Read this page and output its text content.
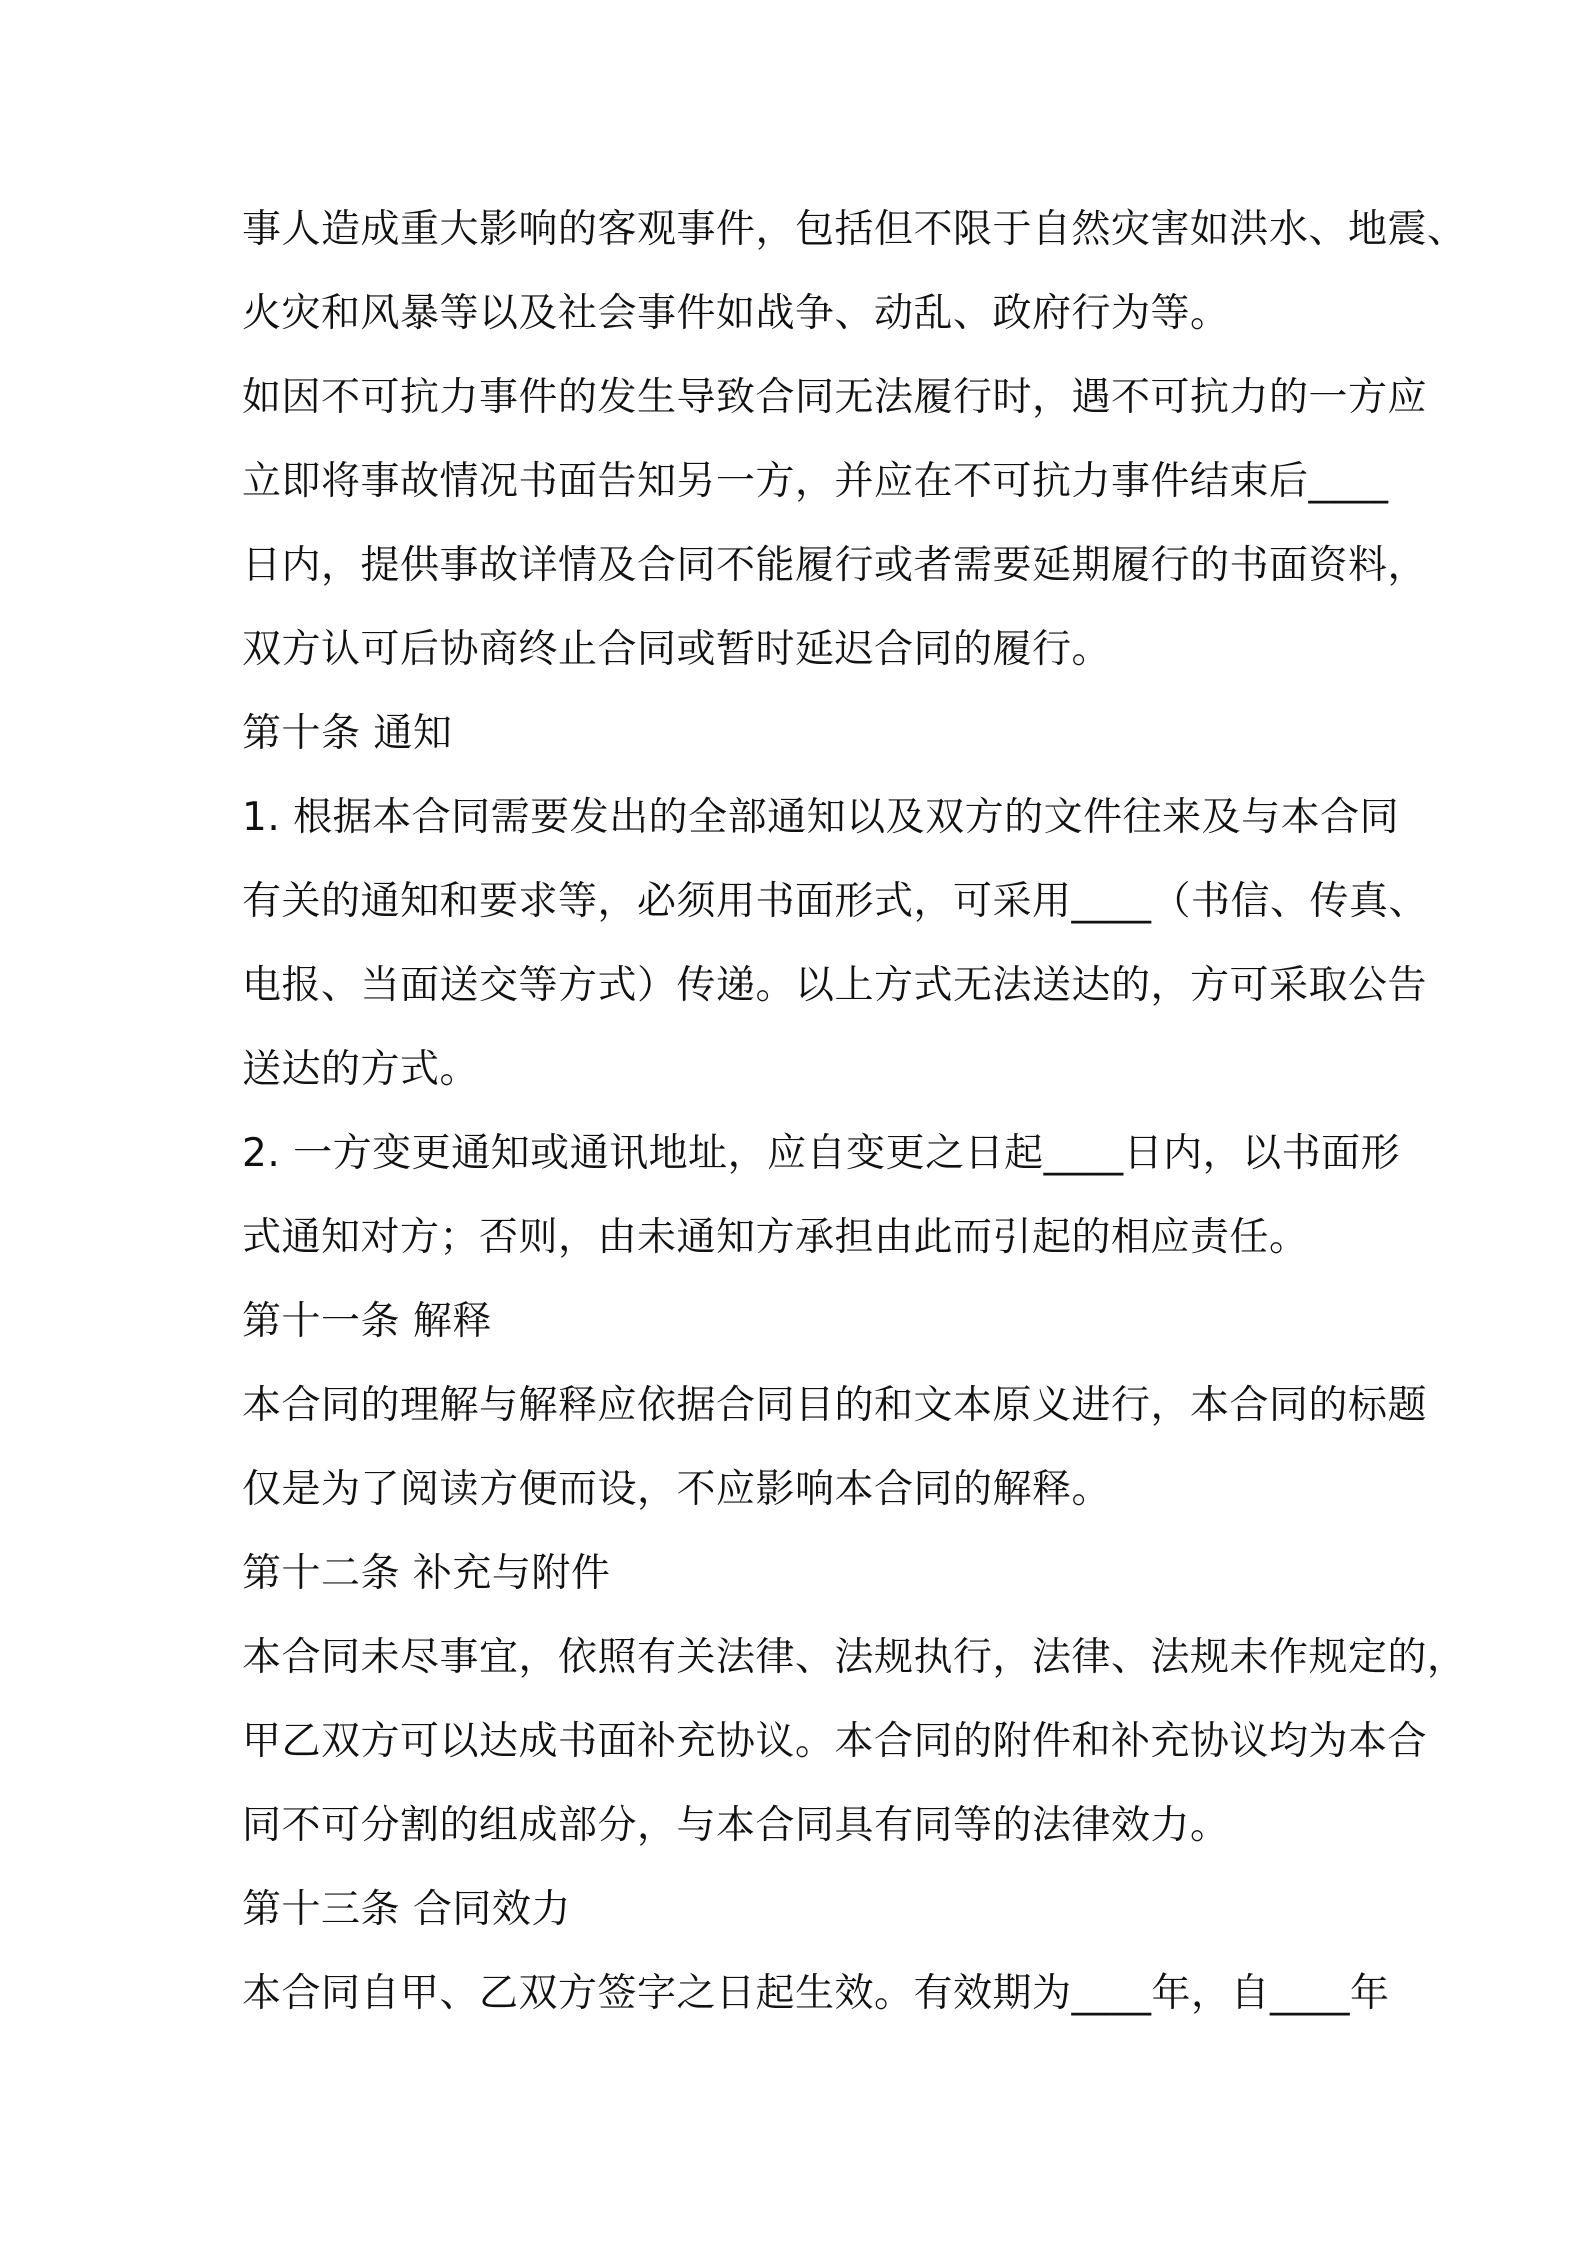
事人造成重大影响的客观事件，包括但不限于自然灾害如洪水、地震、
火灾和风暴等以及社会事件如战争、动乱、政府行为等。
如因不可抗力事件的发生导致合同无法履行时，遇不可抗力的一方应
立即将事故情况书面告知另一方，并应在不可抗力事件结束后____
日内，提供事故详情及合同不能履行或者需要延期履行的书面资料，
双方认可后协商终止合同或暂时延迟合同的履行。
第十条 通知
1. 根据本合同需要发出的全部通知以及双方的文件往来及与本合同
有关的通知和要求等，必须用书面形式，可采用____（书信、传真、
电报、当面送交等方式）传递。以上方式无法送达的，方可采取公告
送达的方式。
2. 一方变更通知或通讯地址，应自变更之日起____日内，以书面形
式通知对方；否则，由未通知方承担由此而引起的相应责任。
第十一条 解释
本合同的理解与解释应依据合同目的和文本原义进行，本合同的标题
仅是为了阅读方便而设，不应影响本合同的解释。
第十二条 补充与附件
本合同未尽事宜，依照有关法律、法规执行，法律、法规未作规定的，
甲乙双方可以达成书面补充协议。本合同的附件和补充协议均为本合
同不可分割的组成部分，与本合同具有同等的法律效力。
第十三条 合同效力
本合同自甲、乙双方签字之日起生效。有效期为____年，自____年
